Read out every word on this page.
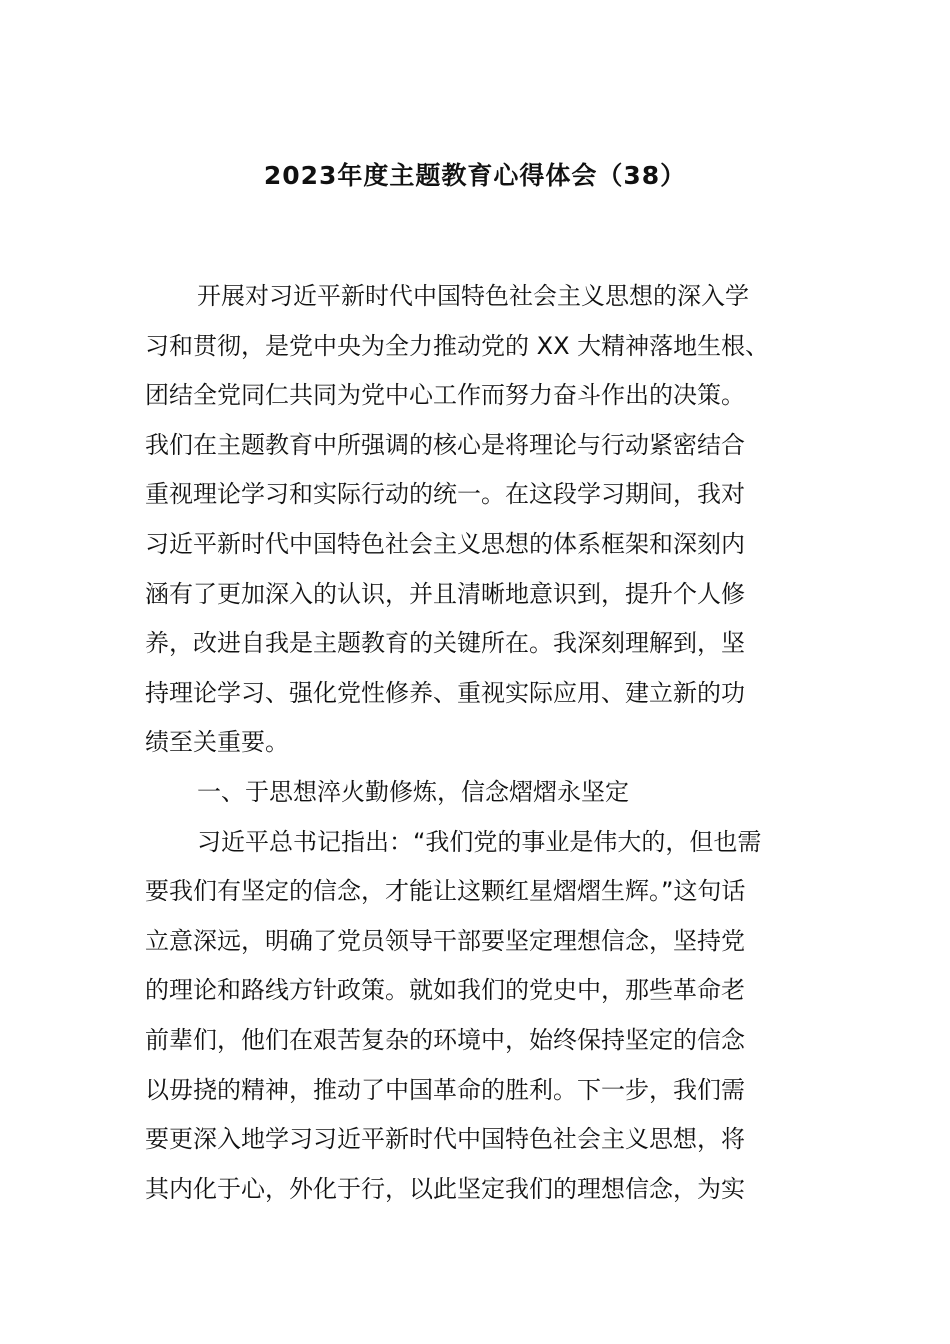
2023年度主题教育心得体会（38）

开展对习近平新时代中国特色社会主义思想的深入学
习和贯彻，是党中央为全力推动党的 XX 大精神落地生根、
团结全党同仁共同为党中心工作而努力奋斗作出的决策。
我们在主题教育中所强调的核心是将理论与行动紧密结合
重视理论学习和实际行动的统一。在这段学习期间，我对
习近平新时代中国特色社会主义思想的体系框架和深刻内
涵有了更加深入的认识，并且清晰地意识到，提升个人修
养，改进自我是主题教育的关键所在。我深刻理解到，坚
持理论学习、强化党性修养、重视实际应用、建立新的功
绩至关重要。

一、于思想淬火勤修炼，信念熠熠永坚定

习近平总书记指出：“我们党的事业是伟大的，但也需
要我们有坚定的信念，才能让这颗红星熠熠生辉。”这句话
立意深远，明确了党员领导干部要坚定理想信念，坚持党
的理论和路线方针政策。就如我们的党史中，那些革命老
前辈们，他们在艰苦复杂的环境中，始终保持坚定的信念
以毋挠的精神，推动了中国革命的胜利。下一步，我们需
要更深入地学习习近平新时代中国特色社会主义思想，将
其内化于心，外化于行，以此坚定我们的理想信念，为实
